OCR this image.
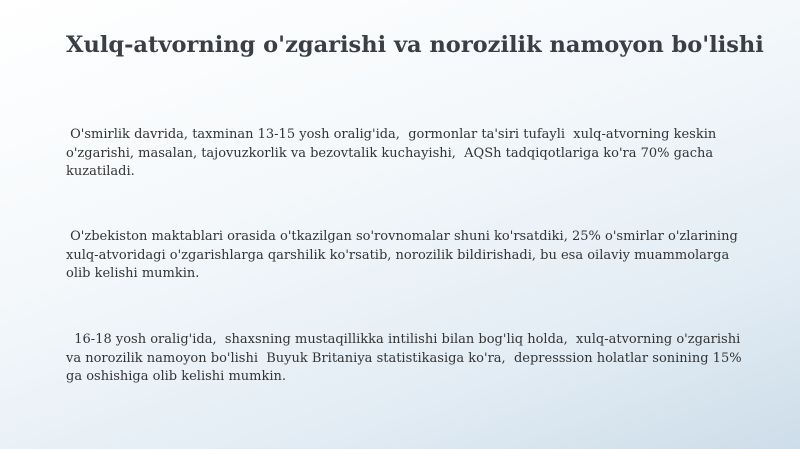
Xulq-atvorning o'zgarishi va norozilik namoyon bo'lishi

O'smirlik davrida, taxminan 13-15 yosh oralig'ida,  gormonlar ta'siri tufayli  xulq-atvorning keskin o'zgarishi, masalan, tajovuzkorlik va bezovtalik kuchayishi,  AQSh tadqiqotlariga ko'ra 70% gacha kuzatiladi.

O'zbekiston maktablari orasida o'tkazilgan so'rovnomalar shuni ko'rsatdiki, 25% o'smirlar o'zlarining xulq-atvoridagi o'zgarishlarga qarshilik ko'rsatib, norozilik bildirishadi, bu esa oilaviy muammolarga olib kelishi mumkin.

16-18 yosh oralig'ida,  shaxsning mustaqillikka intilishi bilan bog'liq holda,  xulq-atvorning o'zgarishi va norozilik namoyon bo'lishi  Buyuk Britaniya statistikasiga ko'ra,  depresssion holatlar sonining 15% ga oshishiga olib kelishi mumkin.
